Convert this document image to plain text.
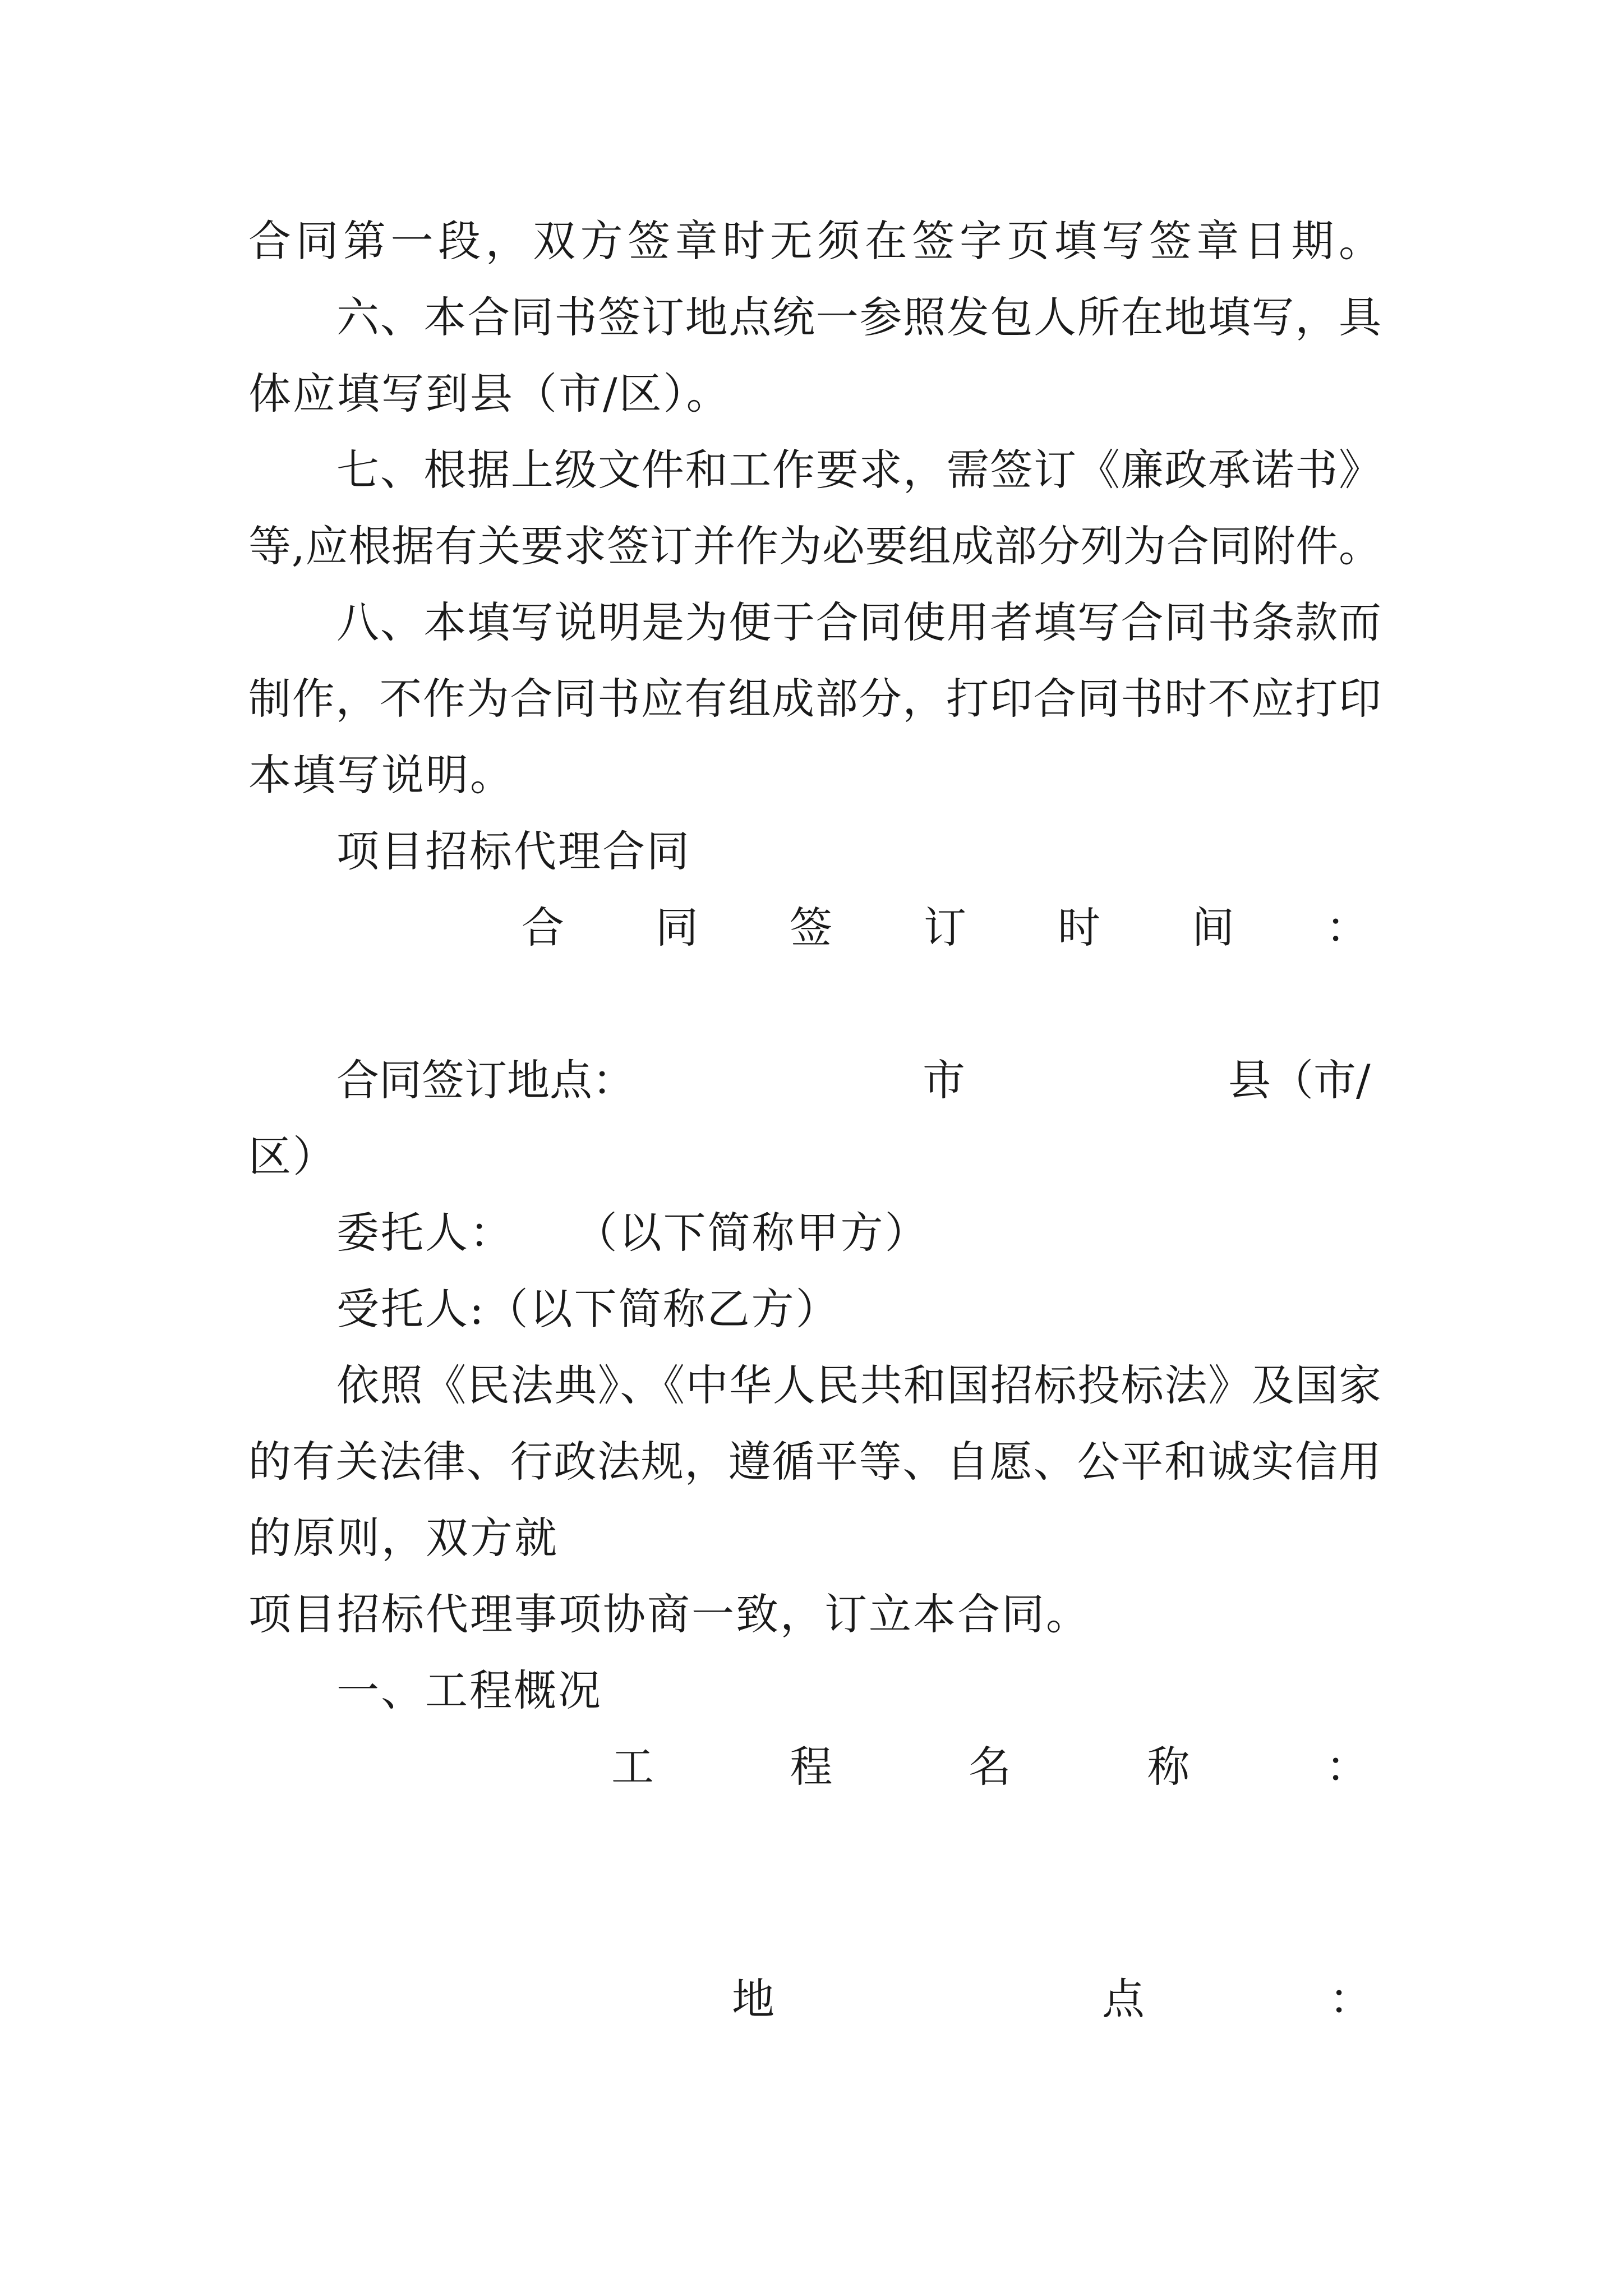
合同第一段，双方签章时无须在签字页填写签章日期。
六、本合同书签订地点统一参照发包人所在地填写，具
体应填写到县（市/区）。
七、根据上级文件和工作要求，需签订《廉政承诺书》
等,应根据有关要求签订并作为必要组成部分列为合同附件。
八、本填写说明是为便于合同使用者填写合同书条款而
制作，不作为合同书应有组成部分，打印合同书时不应打印
本填写说明。
项目招标代理合同
合 同 签 订 时 间 ：
合同签订地点：	市	县（市/
区）
委托人：    （以下简称甲方）
受托人:（以下简称乙方）
依照《民法典》、《中华人民共和国招标投标法》及国家
的有关法律、行政法规，遵循平等、自愿、公平和诚实信用
的原则，双方就
项目招标代理事项协商一致，订立本合同。
一、工程概况
工	程	名	称	：
地	点	：
